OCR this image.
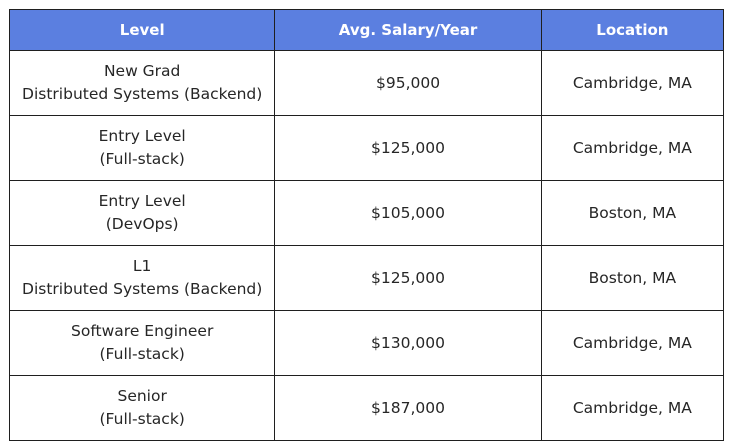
Level	Avg. Salary/Year	Location

New Grad
Distributed Systems (Backend)	$95,000	Cambridge, MA

Entry Level
(Full-stack)	$125,000	Cambridge, MA

Entry Level
(DevOps)	$105,000	Boston, MA

L1
Distributed Systems (Backend)	$125,000	Boston, MA

Software Engineer
(Full-stack)	$130,000	Cambridge, MA

Senior
(Full-stack)	$187,000	Cambridge, MA
